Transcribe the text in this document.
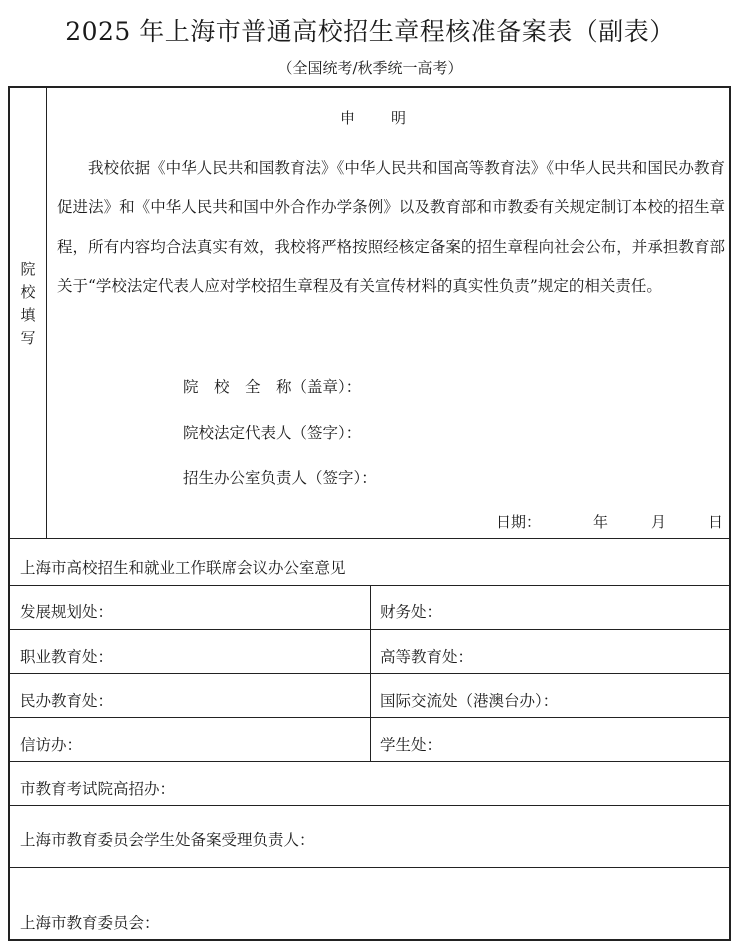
2025 年上海市普通高校招生章程核准备案表（副表）
（全国统考/秋季统一高考）
院校填写
申明
我校依据《中华人民共和国教育法》《中华人民共和国高等教育法》《中华人民共和国民办教育促进法》和《中华人民共和国中外合作办学条例》以及教育部和市教委有关规定制订本校的招生章程，所有内容均合法真实有效，我校将严格按照经核定备案的招生章程向社会公布，并承担教育部关于“学校法定代表人应对学校招生章程及有关宣传材料的真实性负责”规定的相关责任。
院　校　全　称（盖章）：
院校法定代表人（签字）：
招生办公室负责人（签字）：
日期：	年	月	日
上海市高校招生和就业工作联席会议办公室意见
发展规划处：	财务处：
职业教育处：	高等教育处：
民办教育处：	国际交流处（港澳台办）：
信访办：	学生处：
市教育考试院高招办：
上海市教育委员会学生处备案受理负责人：
上海市教育委员会：
